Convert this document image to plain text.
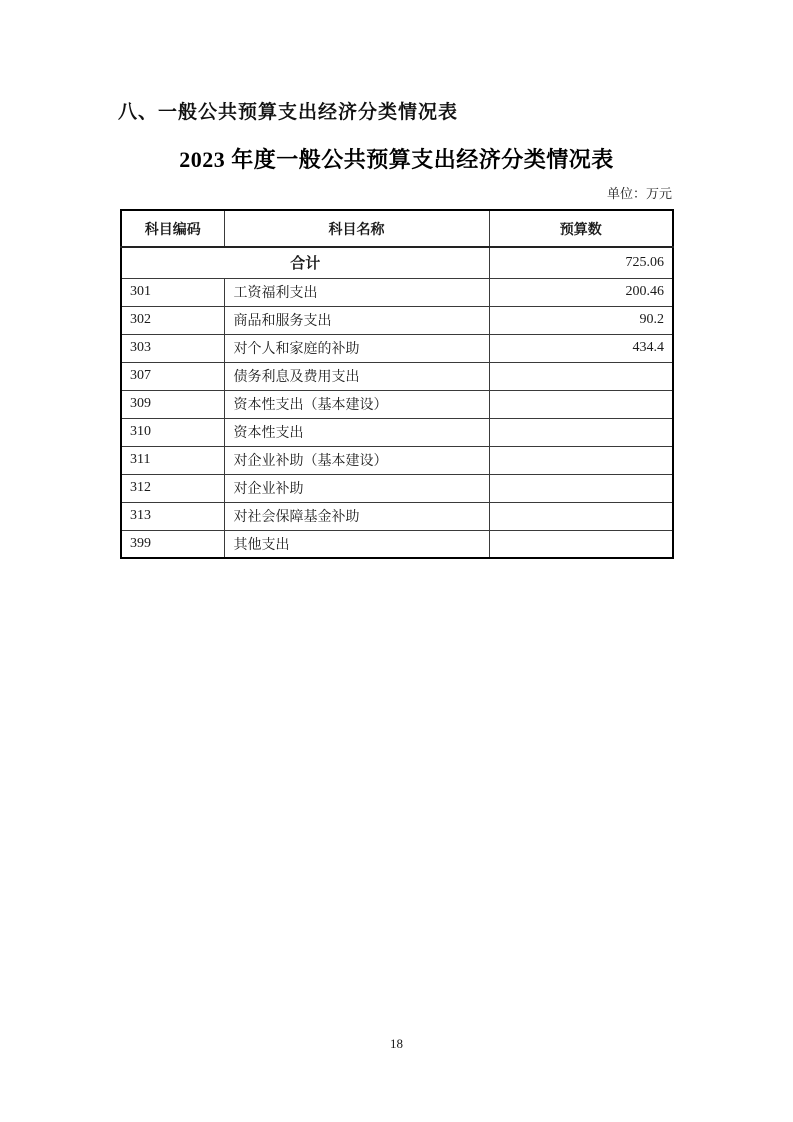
八、一般公共预算支出经济分类情况表
2023 年度一般公共预算支出经济分类情况表
单位：万元
科目编码	科目名称	预算数
合计		725.06
301	工资福利支出	200.46
302	商品和服务支出	90.2
303	对个人和家庭的补助	434.4
307	债务利息及费用支出	
309	资本性支出（基本建设）	
310	资本性支出	
311	对企业补助（基本建设）	
312	对企业补助	
313	对社会保障基金补助	
399	其他支出	
18
